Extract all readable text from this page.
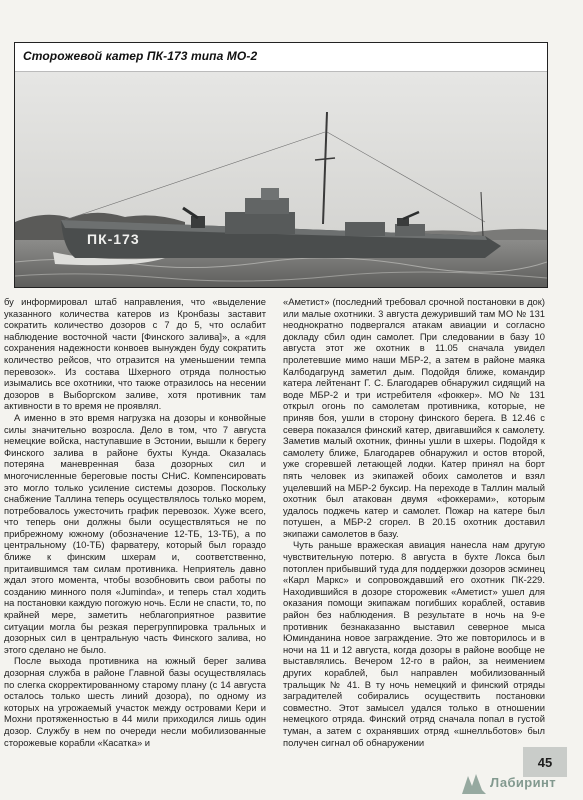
Сторожевой катер ПК-173 типа МО-2
ПК-173

бу информировал штаб направления, что «выделение указанного количества катеров из Кронбазы заставит сократить количество дозоров с 7 до 5, что ослабит наблюдение восточной части [Финского залива]», а «для сохранения надежности конвоев вынужден буду сократить количество рейсов, что отразится на уменьшении темпа перевозок». Из состава Шхерного отряда полностью изымались все охотники, что также отразилось на несении дозоров в Выборгском заливе, хотя противник там активности в то время не проявлял.

А именно в это время нагрузка на дозоры и конвойные силы значительно возросла. Дело в том, что 7 августа немецкие войска, наступавшие в Эстонии, вышли к берегу Финского залива в районе бухты Кунда. Оказалась потеряна маневренная база дозорных сил и многочисленные береговые посты СНиС. Компенсировать это могло только усиление системы дозоров. Поскольку снабжение Таллина теперь осуществлялось только морем, потребовалось ужесточить график перевозок. Хуже всего, что теперь они должны были осуществляться не по прибрежному южному (обозначение 12-ТБ, 13-ТБ), а по центральному (10-ТБ) фарватеру, который был гораздо ближе к финским шхерам и, соответственно, притаившимся там силам противника. Неприятель давно ждал этого момента, чтобы возобновить свои работы по созданию минного поля «Juminda», и теперь стал ходить на постановки каждую погожую ночь. Если не спасти, то, по крайней мере, заметить неблагоприятное развитие ситуации могла бы резкая перегруппировка тральных и дозорных сил в центральную часть Финского залива, но этого сделано не было.

После выхода противника на южный берег залива дозорная служба в районе Главной базы осуществлялась по слегка скорректированному старому плану (с 14 августа осталось только шесть линий дозора), по одному из которых на угрожаемый участок между островами Кери и Мохни протяженностью в 44 мили приходился лишь один дозор. Службу в нем по очереди несли мобилизованные сторожевые корабли «Касатка» и

«Аметист» (последний требовал срочной постановки в док) или малые охотники. 3 августа дежуривший там МО № 131 неоднократно подвергался атакам авиации и согласно докладу сбил один самолет. При следовании в базу 10 августа этот же охотник в 11.05 сначала увидел пролетевшие мимо наши МБР-2, а затем в районе маяка Калбодагрунд заметил дым. Подойдя ближе, командир катера лейтенант Г. С. Благодарев обнаружил сидящий на воде МБР-2 и три истребителя «фоккер». МО № 131 открыл огонь по самолетам противника, которые, не приняв боя, ушли в сторону финского берега. В 12.46 с севера показался финский катер, двигавшийся к самолету. Заметив малый охотник, финны ушли в шхеры. Подойдя к самолету ближе, Благодарев обнаружил и остов второй, уже сгоревшей летающей лодки. Катер принял на борт пять человек из экипажей обоих самолетов и взял уцелевший на МБР-2 буксир. На переходе в Таллин малый охотник был атакован двумя «фоккерами», которым удалось поджечь катер и самолет. Пожар на катере был потушен, а МБР-2 сгорел. В 20.15 охотник доставил экипажи самолетов в базу.

Чуть раньше вражеская авиация нанесла нам другую чувствительную потерю. 8 августа в бухте Локса был потоплен прибывший туда для поддержки дозоров эсминец «Карл Маркс» и сопровождавший его охотник ПК-229. Находившийся в дозоре сторожевик «Аметист» ушел для оказания помощи экипажам погибших кораблей, оставив район без наблюдения. В результате в ночь на 9-е противник безнаказанно выставил северное мыса Юминданина новое заграждение. Это же повторилось и в ночи на 11 и 12 августа, когда дозоры в районе вообще не выставлялись. Вечером 12-го в район, за неимением других кораблей, был направлен мобилизованный тральщик № 41. В ту ночь немецкий и финский отряды заградителей собирались осуществить постановки совместно. Этот замысел удался только в отношении немецкого отряда. Финский отряд сначала попал в густой туман, а затем с охранявших отряд «шнелльботов» был получен сигнал об обнаружении

45
Лабиринт
